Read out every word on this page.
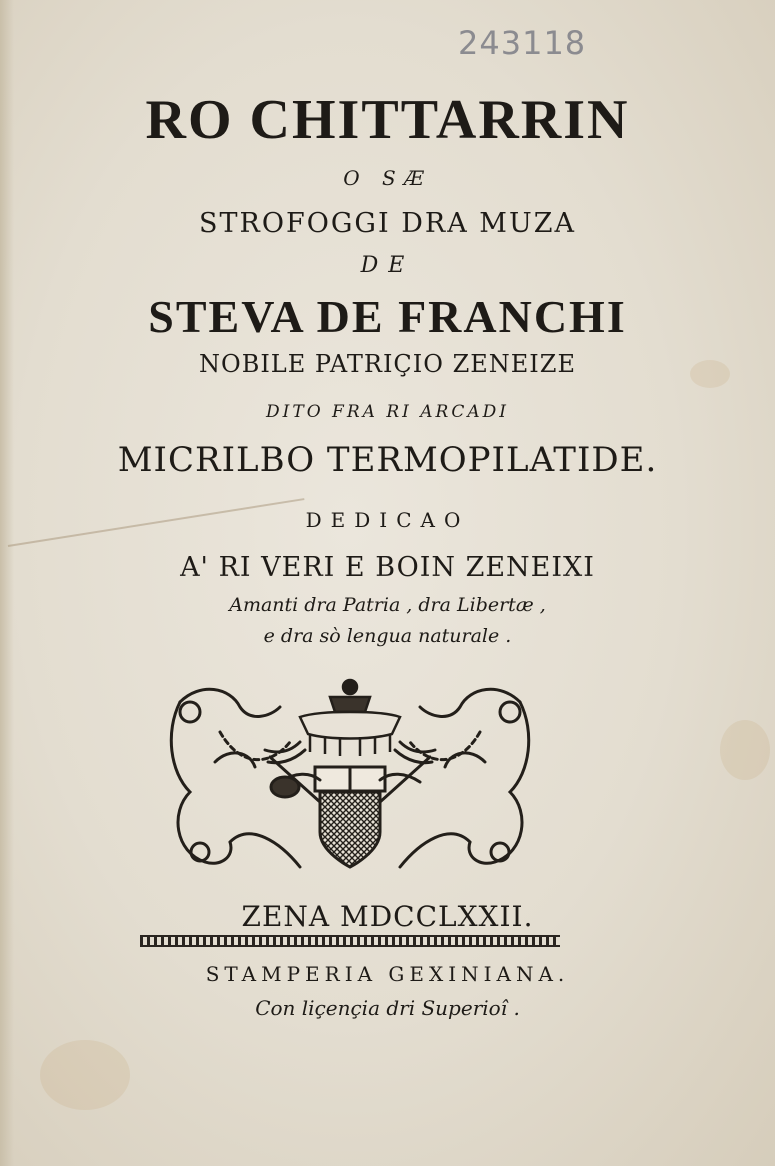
243118
RO CHITTARRIN
O SÆ
STROFOGGI DRA MUZA
DE
STEVA DE FRANCHI
NOBILE PATRIÇIO ZENEIZE
DITO FRA RI ARCADI
MICRILBO TERMOPILATIDE.
DEDICAO
A' RI VERI E BOIN ZENEIXI
Amanti dra Patria , dra Libertæ ,
e dra sò lengua naturale .
ZENA MDCCLXXII.
STAMPERIA GEXINIANA.
Con liçençia dri Superioî .
